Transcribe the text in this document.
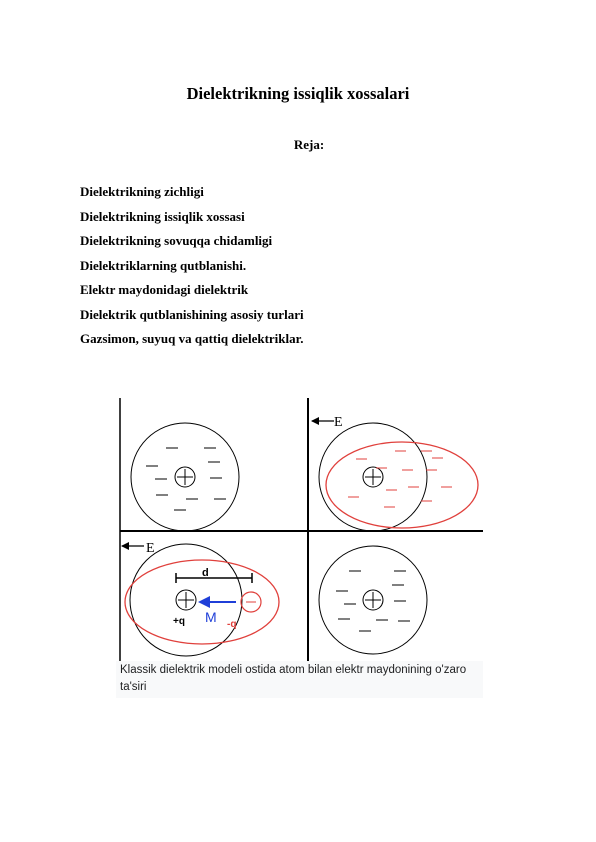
Dielektrikning issiqlik xossalari
Reja:
Dielektrikning zichligi
Dielektrikning issiqlik xossasi
Dielektrikning sovuqqa chidamligi
Dielektriklarning qutblanishi.
Elektr maydonidagi dielektrik
Dielektrik qutblanishining asosiy turlari
Gazsimon, suyuq va qattiq dielektriklar.
E
E
d
M
+q	-q
Klassik dielektrik modeli ostida atom bilan elektr maydonining o'zaro ta'siri
